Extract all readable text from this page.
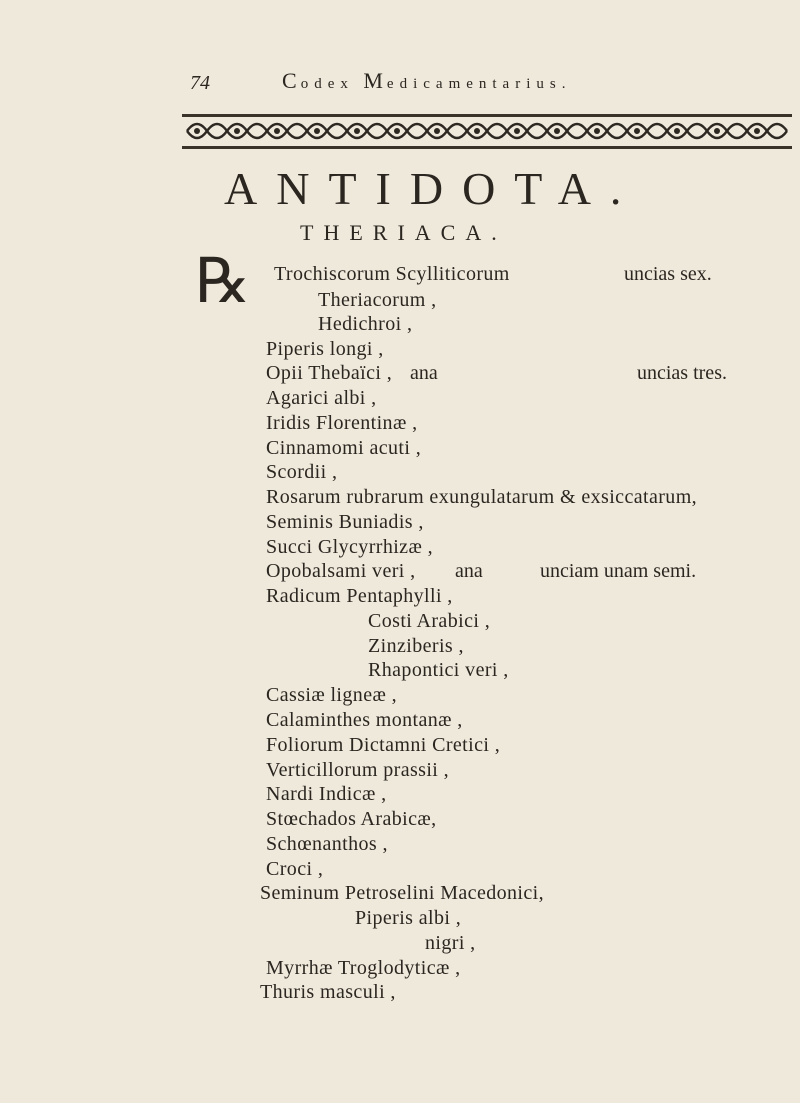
74	Codex Medicamentarius.
ANTIDOTA.
THERIACA.
℞ Trochiscorum Scylliticorum	uncias sex.
Theriacorum ,
Hedichroi ,
Piperis longi ,
Opii Thebaïci , ana	uncias tres.
Agarici albi ,
Iridis Florentinæ ,
Cinnamomi acuti ,
Scordii ,
Rosarum rubrarum exungulatarum & exsiccatarum,
Seminis Buniadis ,
Succi Glycyrrhizæ ,
Opobalsami veri , ana	unciam unam semi.
Radicum Pentaphylli ,
Costi Arabici ,
Zinziberis ,
Rhapontici veri ,
Cassiæ ligneæ ,
Calaminthes montanæ ,
Foliorum Dictamni Cretici ,
Verticillorum prassii ,
Nardi Indicæ ,
Stœchados Arabicæ,
Schœnanthos ,
Croci ,
Seminum Petroselini Macedonici,
Piperis albi ,
nigri ,
Myrrhæ Troglodyticæ ,
Thuris masculi ,
